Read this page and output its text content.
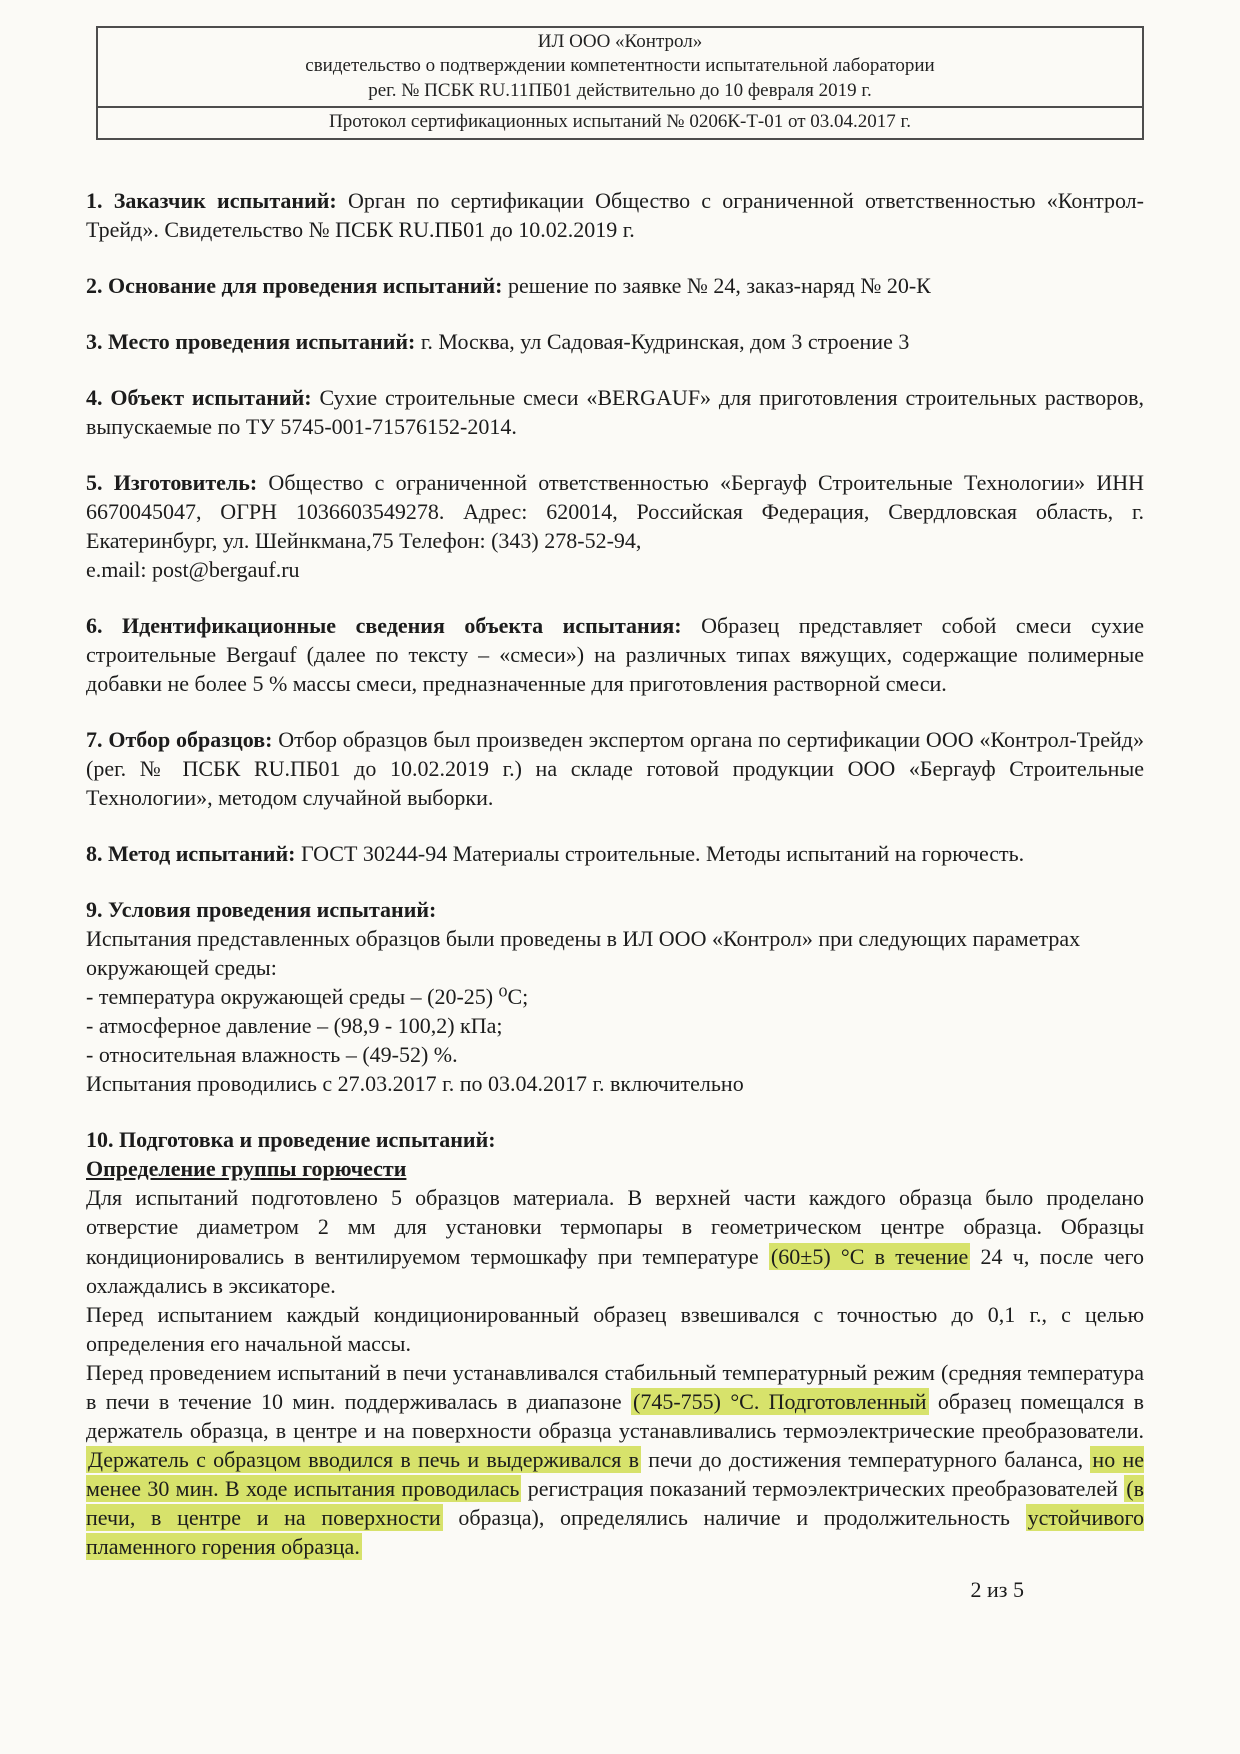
ИЛ ООО «Контрол»
свидетельство о подтверждении компетентности испытательной лаборатории
рег. № ПСБК RU.11ПБ01 действительно до 10 февраля 2019 г.
Протокол сертификационных испытаний № 0206К-Т-01 от 03.04.2017 г.

1. Заказчик испытаний: Орган по сертификации Общество с ограниченной ответственностью «Контрол-Трейд». Свидетельство № ПСБК RU.ПБ01 до 10.02.2019 г.

2. Основание для проведения испытаний: решение по заявке № 24, заказ-наряд № 20-К

3. Место проведения испытаний: г. Москва, ул Садовая-Кудринская, дом 3 строение 3

4. Объект испытаний: Сухие строительные смеси «BERGAUF» для приготовления строительных растворов, выпускаемые по ТУ 5745-001-71576152-2014.

5. Изготовитель: Общество с ограниченной ответственностью «Бергауф Строительные Технологии» ИНН 6670045047, ОГРН 1036603549278. Адрес: 620014, Российская Федерация, Свердловская область, г. Екатеринбург, ул. Шейнкмана,75 Телефон: (343) 278-52-94,

e.mail: post@bergauf.ru

6. Идентификационные сведения объекта испытания: Образец представляет собой смеси сухие строительные Bergauf (далее по тексту – «смеси») на различных типах вяжущих, содержащие полимерные добавки не более 5 % массы смеси, предназначенные для приготовления растворной смеси.

7. Отбор образцов: Отбор образцов был произведен экспертом органа по сертификации ООО «Контрол-Трейд» (рег. № ПСБК RU.ПБ01 до 10.02.2019 г.) на складе готовой продукции ООО «Бергауф Строительные Технологии», методом случайной выборки.

8. Метод испытаний: ГОСТ 30244-94 Материалы строительные. Методы испытаний на горючесть.

9. Условия проведения испытаний:
Испытания представленных образцов были проведены в ИЛ ООО «Контрол» при следующих параметрах окружающей среды:
- температура окружающей среды – (20-25) ⁰С;
- атмосферное давление – (98,9 - 100,2) кПа;
- относительная влажность – (49-52) %.
Испытания проводились с 27.03.2017 г. по 03.04.2017 г. включительно
10. Подготовка и проведение испытаний:
Определение группы горючести

Для испытаний подготовлено 5 образцов материала. В верхней части каждого образца было проделано отверстие диаметром 2 мм для установки термопары в геометрическом центре образца. Образцы кондиционировались в вентилируемом термошкафу при температуре (60±5) °С в течение 24 ч, после чего охлаждались в эксикаторе.

Перед испытанием каждый кондиционированный образец взвешивался с точностью до 0,1 г., с целью определения его начальной массы.

Перед проведением испытаний в печи устанавливался стабильный температурный режим (средняя температура в печи в течение 10 мин. поддерживалась в диапазоне (745-755) °С. Подготовленный образец помещался в держатель образца, в центре и на поверхности образца устанавливались термоэлектрические преобразователи. Держатель с образцом вводился в печь и выдерживался в печи до достижения температурного баланса, но не менее 30 мин. В ходе испытания проводилась регистрация показаний термоэлектрических преобразователей (в печи, в центре и на поверхности образца), определялись наличие и продолжительность устойчивого пламенного горения образца.

2 из 5
